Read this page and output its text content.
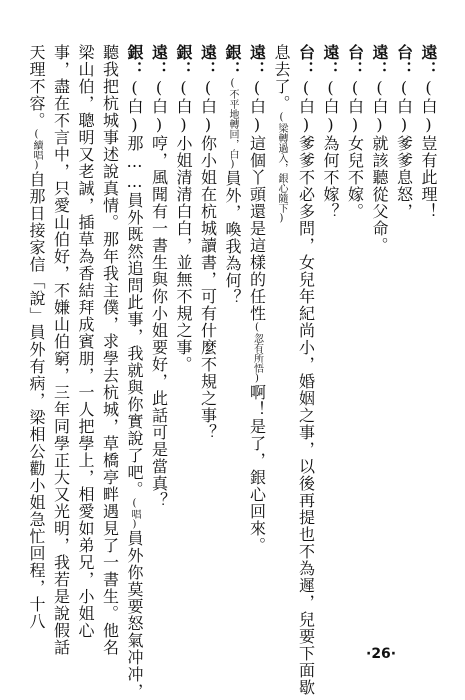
遠：(白)豈有此理！
台：(白)爹爹息怒，
遠：(白)就該聽從父命。
台：(白)女兒不嫁。
遠：(白)為何不嫁？
台：(白)爹爹不必多問，女兒年紀尚小，婚姻之事，以後再提也不為遲，兒要下面歇
息去了。(梁轉過入，銀心隨下)
遠：(白)這個丫頭還是這樣的任性(忽有所悟)啊！是了，銀心回來。
銀：(不平地轉回，白)員外，喚我為何？
遠：(白)你小姐在杭城讀書，可有什麼不規之事？
銀：(白)小姐清清白白，並無不規之事。
遠：(白)哼，風聞有一書生與你小姐要好，此話可是當真？
銀：(白)那……員外既然追問此事，我就與你實說了吧。(唱)員外你莫要怒氣冲冲，
聽我把杭城事述說真情。那年我主僕，求學去杭城，草橋亭畔遇見了一書生。他名
梁山伯，聰明又老誠，插草為香結拜成賓朋，一人把學上，相愛如弟兄，小姐心
事，盡在不言中，只愛山伯好，不嫌山伯窮，三年同學正大又光明，我若是說假話
天理不容。(續唱)自那日接家信「說」員外有病，梁相公勸小姐急忙回程，十八
·26·
